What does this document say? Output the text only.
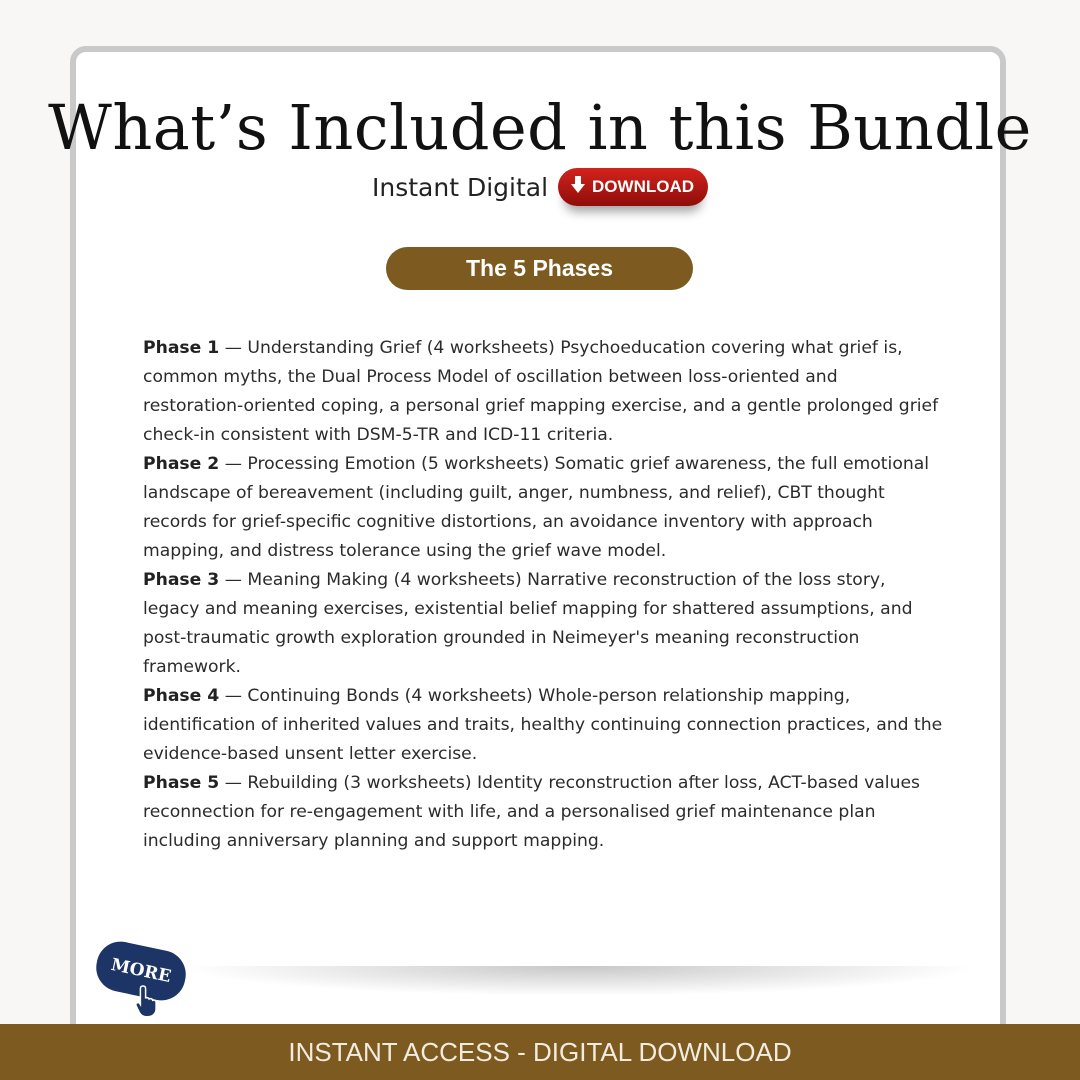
What’s Included in this Bundle
Instant Digital	DOWNLOAD
The 5 Phases

Phase 1 — Understanding Grief (4 worksheets) Psychoeducation covering what grief is, common myths, the Dual Process Model of oscillation between loss-oriented and restoration-oriented coping, a personal grief mapping exercise, and a gentle prolonged grief check-in consistent with DSM-5-TR and ICD-11 criteria.

Phase 2 — Processing Emotion (5 worksheets) Somatic grief awareness, the full emotional landscape of bereavement (including guilt, anger, numbness, and relief), CBT thought records for grief-specific cognitive distortions, an avoidance inventory with approach mapping, and distress tolerance using the grief wave model.

Phase 3 — Meaning Making (4 worksheets) Narrative reconstruction of the loss story, legacy and meaning exercises, existential belief mapping for shattered assumptions, and post-traumatic growth exploration grounded in Neimeyer's meaning reconstruction framework.

Phase 4 — Continuing Bonds (4 worksheets) Whole-person relationship mapping, identification of inherited values and traits, healthy continuing connection practices, and the evidence-based unsent letter exercise.

Phase 5 — Rebuilding (3 worksheets) Identity reconstruction after loss, ACT-based values reconnection for re-engagement with life, and a personalised grief maintenance plan including anniversary planning and support mapping.

MORE
INSTANT ACCESS - DIGITAL DOWNLOAD
